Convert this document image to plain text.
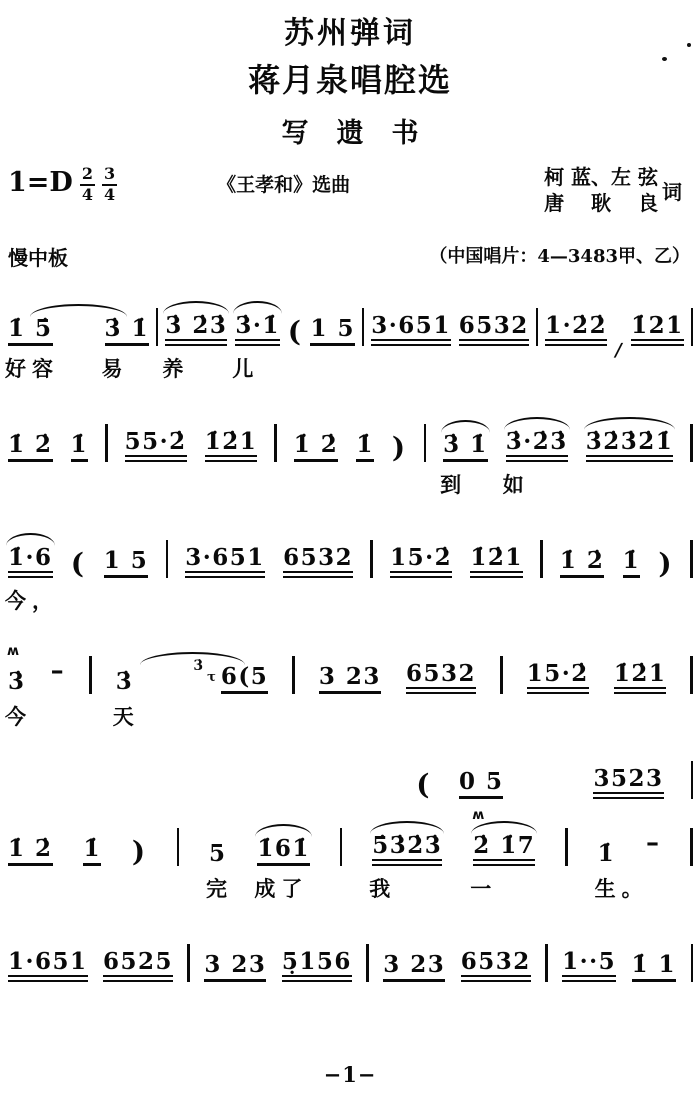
苏州弹词
蒋月泉唱腔选
写遗书
$1=D \frac{2}{4} \frac{3}{4}$	《王孝和》选曲	柯 蓝、左 弦
唐　 耿 　良 词
慢中板	（中国唱片：4—3483甲、乙）
1̇ 5̇
好容
3̇ 1̇
易
3̇ 2̇3̇
养
3̇·1̇
儿
( 1 5 3·651 6532 1·2̇2̇
∕
1̇21
1̇ 2̇ 1̇ 55·2̇ 1̇2̇1 1̇ 2̇ 1̇ ) 3̇ 1̇
到
3̇·2̇3̇
如
3̇2̇3̇2̇1̇
1̇·6
今，
( 1 5 3·651 6532 15·2̇ 1̇2̇1 1̇ 2̇ 1̇ )
3̇
ʍ
今
– 3̇
天
3̇
τ 6(5 3 23 6532 15·2̇ 1̇2̇1
( 0 5	3523
1̇ 2̇ 1̇ )	5
完
1̇61̇
成了
5̇3̇2̇3̇
我
2̇ 1̇7
ʍ
一
1̇
生。
–
1·651 6525 3 23 5̣156 3 23 6532 1··5 1̇ 1
−1−
